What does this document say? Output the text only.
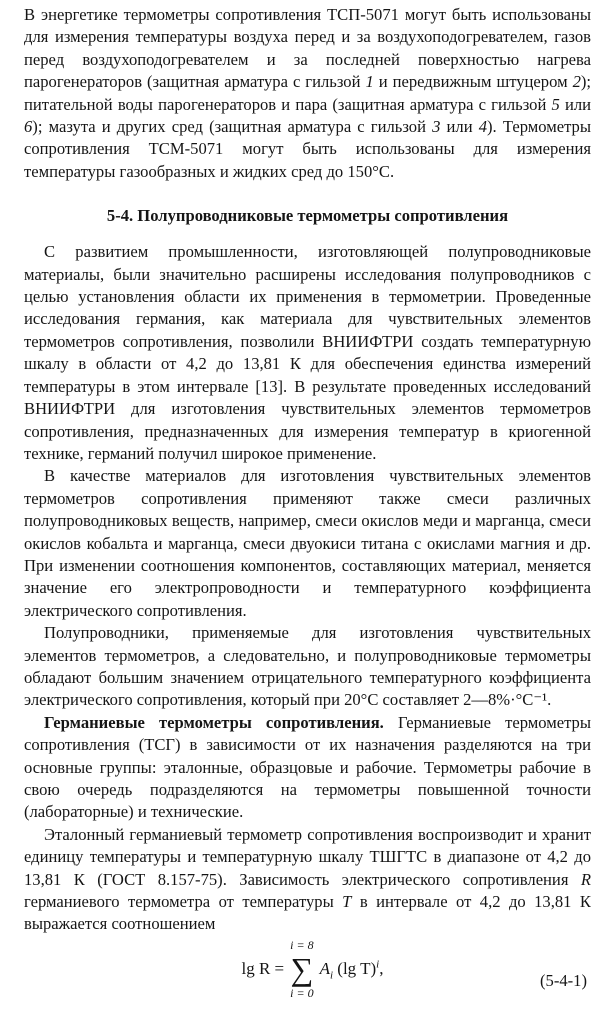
В энергетике термометры сопротивления ТСП-5071 могут быть использованы для измерения температуры воздуха перед и за воздухоподогревателем, газов перед воздухоподогревателем и за последней поверхностью нагрева парогенераторов (защитная арматура с гильзой 1 и передвижным штуцером 2); питательной воды парогенераторов и пара (защитная арматура с гильзой 5 или 6); мазута и других сред (защитная арматура с гильзой 3 или 4). Термометры сопротивления ТСМ-5071 могут быть использованы для измерения температуры газообразных и жидких сред до 150°С.

5-4. Полупроводниковые термометры сопротивления

С развитием промышленности, изготовляющей полупроводниковые материалы, были значительно расширены исследования полупроводников с целью установления области их применения в термометрии. Проведенные исследования германия, как материала для чувствительных элементов термометров сопротивления, позволили ВНИИФТРИ создать температурную шкалу в области от 4,2 до 13,81 К для обеспечения единства измерений температуры в этом интервале [13]. В результате проведенных исследований ВНИИФТРИ для изготовления чувствительных элементов термометров сопротивления, предназначенных для измерения температур в криогенной технике, германий получил широкое применение.

В качестве материалов для изготовления чувствительных элементов термометров сопротивления применяют также смеси различных полупроводниковых веществ, например, смеси окислов меди и марганца, смеси окислов кобальта и марганца, смеси двуокиси титана с окислами магния и др. При изменении соотношения компонентов, составляющих материал, меняется значение его электропроводности и температурного коэффициента электрического сопротивления.

Полупроводники, применяемые для изготовления чувствительных элементов термометров, а следовательно, и полупроводниковые термометры обладают большим значением отрицательного температурного коэффициента электрического сопротивления, который при 20°С составляет 2—8%·°С⁻¹.

Германиевые термометры сопротивления. Германиевые термометры сопротивления (ТСГ) в зависимости от их назначения разделяются на три основные группы: эталонные, образцовые и рабочие. Термометры рабочие в свою очередь подразделяются на термометры повышенной точности (лабораторные) и технические.

Эталонный германиевый термометр сопротивления воспроизводит и хранит единицу температуры и температурную шкалу ТШГТС в диапазоне от 4,2 до 13,81 К (ГОСТ 8.157-75). Зависимость электрического сопротивления R германиевого термометра от температуры T в интервале от 4,2 до 13,81 К выражается соотношением

lg R =
i = 8
∑
i = 0
$A_i$ (lg T)$^i$,
(5-4-1)
